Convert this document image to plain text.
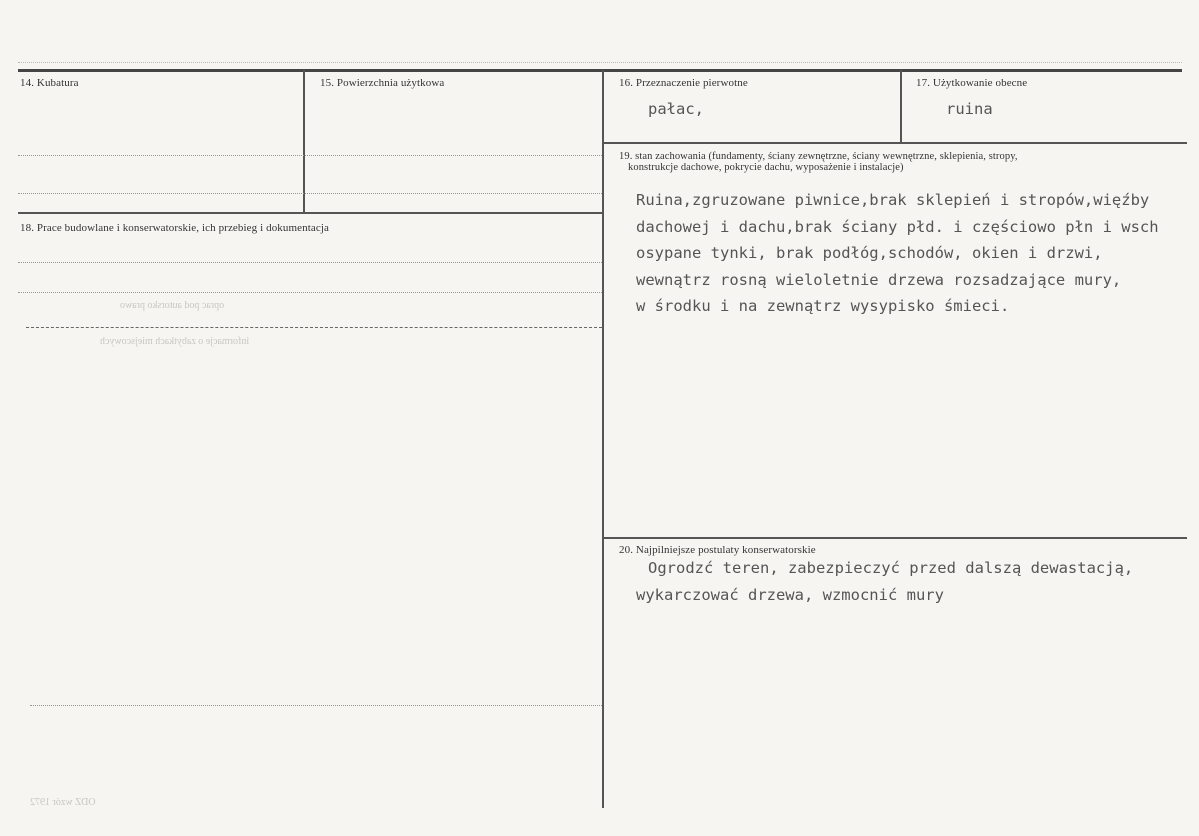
oprac pod autorsko prawo
informacje o zabytkach miejscowych
ODZ wzór 1972
14. Kubatura	15. Powierzchnia użytkowa	16. Przeznaczenie pierwotne
pałac,
17. Użytkowanie obecne
ruina
18. Prace budowlane i konserwatorskie, ich przebieg i dokumentacja
19. stan zachowania (fundamenty, ściany zewnętrzne, ściany wewnętrzne, sklepienia, stropy,
konstrukcje dachowe, pokrycie dachu, wyposażenie i instalacje)
Ruina,zgruzowane piwnice,brak sklepień i stropów,więźby
dachowej i dachu,brak ściany płd. i częściowo płn i wsch
osypane tynki, brak podłóg,schodów, okien i drzwi,
wewnątrz rosną wieloletnie drzewa rozsadzające mury,
w środku i na zewnątrz wysypisko śmieci.
20. Najpilniejsze postulaty konserwatorskie
Ogrodzć teren, zabezpieczyć przed dalszą dewastacją,
wykarczować drzewa, wzmocnić mury
